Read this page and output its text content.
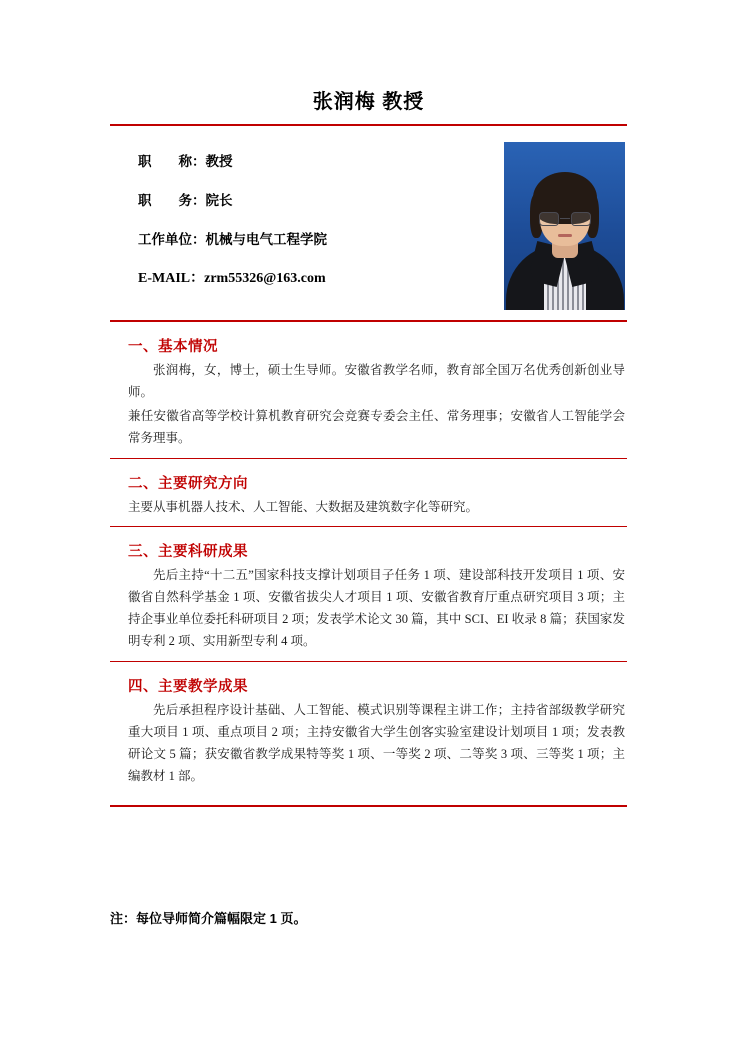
张润梅 教授
职　　称：教授
职　　务：院长
工作单位：机械与电气工程学院
E-MAIL：zrm55326@163.com
一、基本情况

张润梅，女，博士，硕士生导师。安徽省教学名师，教育部全国万名优秀创新创业导师。

兼任安徽省高等学校计算机教育研究会竞赛专委会主任、常务理事；安徽省人工智能学会常务理事。

二、主要研究方向

主要从事机器人技术、人工智能、大数据及建筑数字化等研究。

三、主要科研成果

先后主持“十二五”国家科技支撑计划项目子任务 1 项、建设部科技开发项目 1 项、安徽省自然科学基金 1 项、安徽省拔尖人才项目 1 项、安徽省教育厅重点研究项目 3 项；主持企事业单位委托科研项目 2 项；发表学术论文 30 篇，其中 SCI、EI 收录 8 篇；获国家发明专利 2 项、实用新型专利 4 项。

四、主要教学成果

先后承担程序设计基础、人工智能、模式识别等课程主讲工作；主持省部级教学研究重大项目 1 项、重点项目 2 项；主持安徽省大学生创客实验室建设计划项目 1 项；发表教研论文 5 篇；获安徽省教学成果特等奖 1 项、一等奖 2 项、二等奖 3 项、三等奖 1 项；主编教材 1 部。

注：每位导师简介篇幅限定 1 页。
